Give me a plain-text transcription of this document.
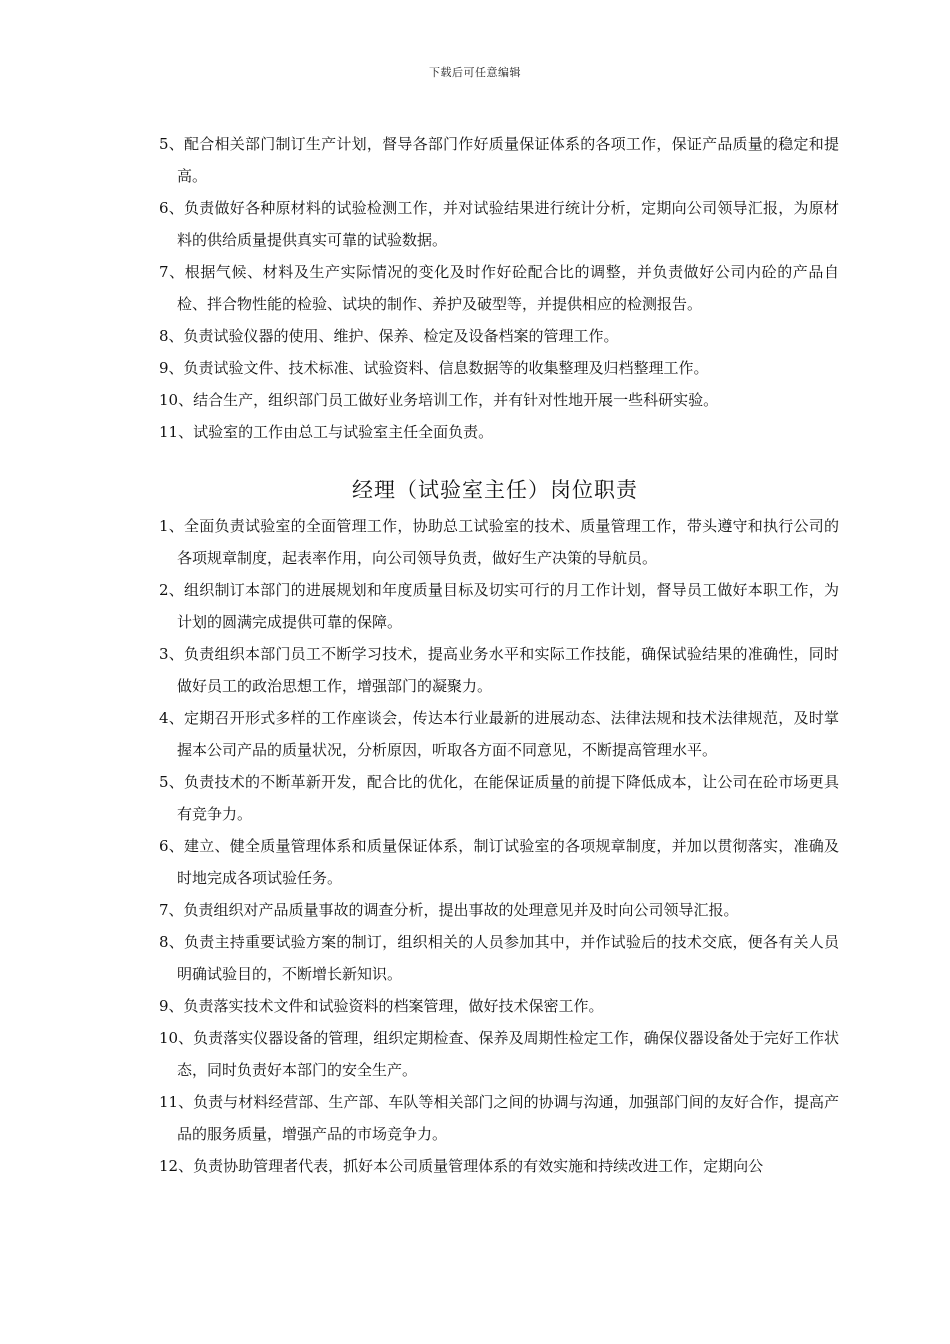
下载后可任意编辑
5、配合相关部门制订生产计划，督导各部门作好质量保证体系的各项工作，保证产品质量的稳定和提高。
6、负责做好各种原材料的试验检测工作，并对试验结果进行统计分析，定期向公司领导汇报，为原材料的供给质量提供真实可靠的试验数据。
7、根据气候、材料及生产实际情况的变化及时作好砼配合比的调整，并负责做好公司内砼的产品自检、拌合物性能的检验、试块的制作、养护及破型等，并提供相应的检测报告。
8、负责试验仪器的使用、维护、保养、检定及设备档案的管理工作。
9、负责试验文件、技术标准、试验资料、信息数据等的收集整理及归档整理工作。
10、结合生产，组织部门员工做好业务培训工作，并有针对性地开展一些科研实验。
11、试验室的工作由总工与试验室主任全面负责。
经理（试验室主任）岗位职责
1、全面负责试验室的全面管理工作，协助总工试验室的技术、质量管理工作，带头遵守和执行公司的各项规章制度，起表率作用，向公司领导负责，做好生产决策的导航员。
2、组织制订本部门的进展规划和年度质量目标及切实可行的月工作计划，督导员工做好本职工作，为计划的圆满完成提供可靠的保障。
3、负责组织本部门员工不断学习技术，提高业务水平和实际工作技能，确保试验结果的准确性，同时做好员工的政治思想工作，增强部门的凝聚力。
4、定期召开形式多样的工作座谈会，传达本行业最新的进展动态、法律法规和技术法律规范，及时掌握本公司产品的质量状况，分析原因，听取各方面不同意见，不断提高管理水平。
5、负责技术的不断革新开发，配合比的优化，在能保证质量的前提下降低成本，让公司在砼市场更具有竞争力。
6、建立、健全质量管理体系和质量保证体系，制订试验室的各项规章制度，并加以贯彻落实，准确及时地完成各项试验任务。
7、负责组织对产品质量事故的调查分析，提出事故的处理意见并及时向公司领导汇报。
8、负责主持重要试验方案的制订，组织相关的人员参加其中，并作试验后的技术交底，便各有关人员明确试验目的，不断增长新知识。
9、负责落实技术文件和试验资料的档案管理，做好技术保密工作。
10、负责落实仪器设备的管理，组织定期检查、保养及周期性检定工作，确保仪器设备处于完好工作状态，同时负责好本部门的安全生产。
11、负责与材料经营部、生产部、车队等相关部门之间的协调与沟通，加强部门间的友好合作，提高产品的服务质量，增强产品的市场竞争力。
12、负责协助管理者代表，抓好本公司质量管理体系的有效实施和持续改进工作，定期向公
